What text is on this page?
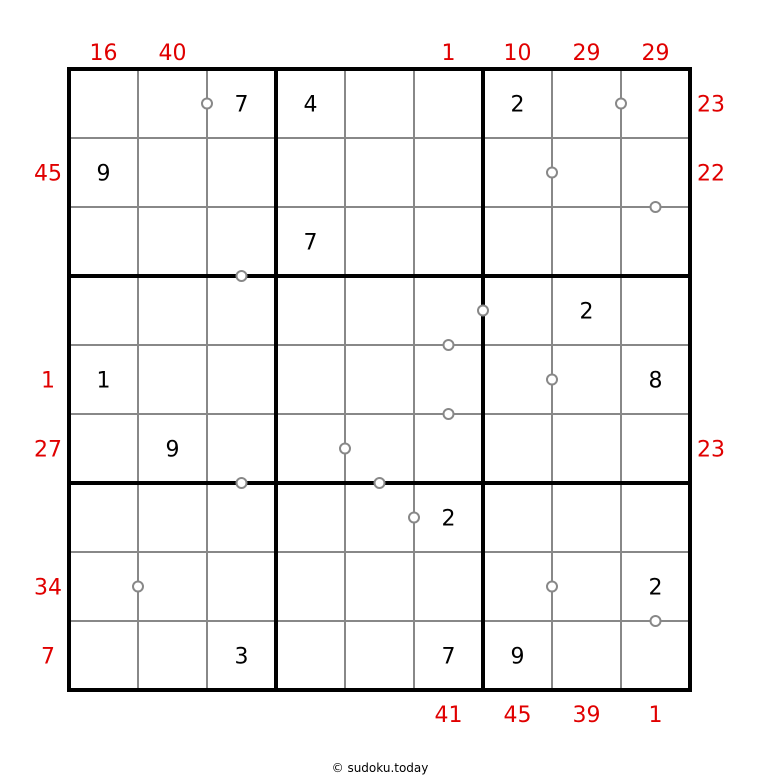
7	4	2
9
7
2
1	8
9
2
2
3	7	9
16 40	1 10 29 29
41 45 39 1
45
1
27
34
7
23
22
23
© sudoku.today
